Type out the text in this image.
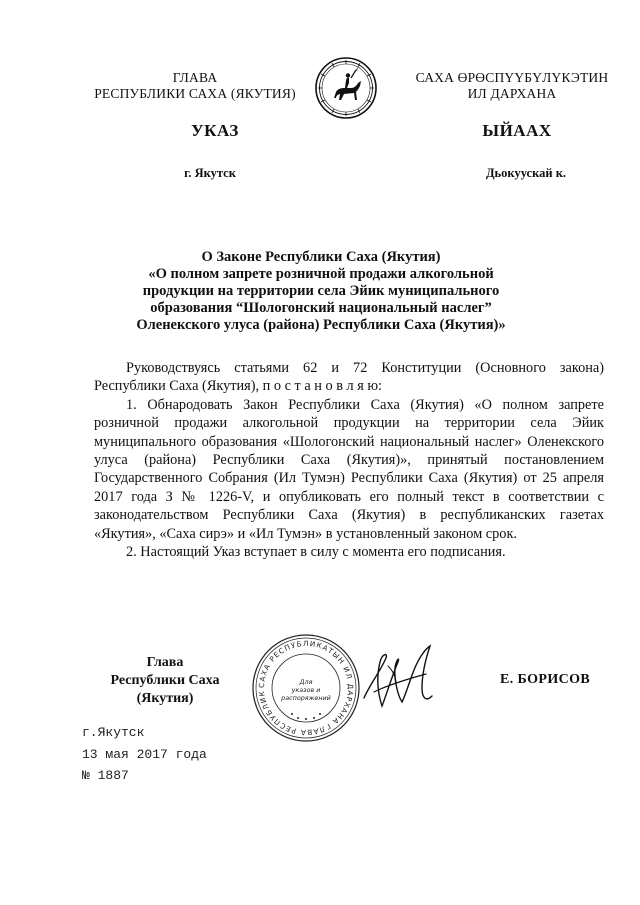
ГЛАВА
РЕСПУБЛИКИ САХА (ЯКУТИЯ)
САХА ӨРӨСПҮҮБҮЛҮКЭТИН
ИЛ ДАРХАНА
УКАЗ	ЫЙААХ
г. Якутск	Дьокуускай к.
О Законе Республики Саха (Якутия)
«О полном запрете розничной продажи алкогольной
продукции на территории села Эйик муниципального
образования “Шологонский национальный наслег”
Оленекского улуса (района) Республики Саха (Якутия)»

Руководствуясь статьями 62 и 72 Конституции (Основного закона) Республики Саха (Якутия), п о с т а н о в л я ю:

1. Обнародовать Закон Республики Саха (Якутия) «О полном запрете розничной продажи алкогольной продукции на территории села Эйик муниципального образования «Шологонский национальный наслег» Оленекского улуса (района) Республики Саха (Якутия)», принятый постановлением Государственного Собрания (Ил Тумэн) Республики Саха (Якутия) от 25 апреля 2017 года З № 1226-V, и опубликовать его полный текст в соответствии с законодательством Республики Саха (Якутия) в республиканских газетах «Якутия», «Саха сирэ» и «Ил Тумэн» в установленный законом срок.

2. Настоящий Указ вступает в силу с момента его подписания.

Глава
Республики Саха (Якутия)
САХА РЕСПУБЛИКАТЫН ИЛ ДАРХАНА ГЛАВА РЕСПУБЛИК
Для
указов и
распоряжений
Е. БОРИСОВ
г.Якутск
13 мая 2017 года
№ 1887
